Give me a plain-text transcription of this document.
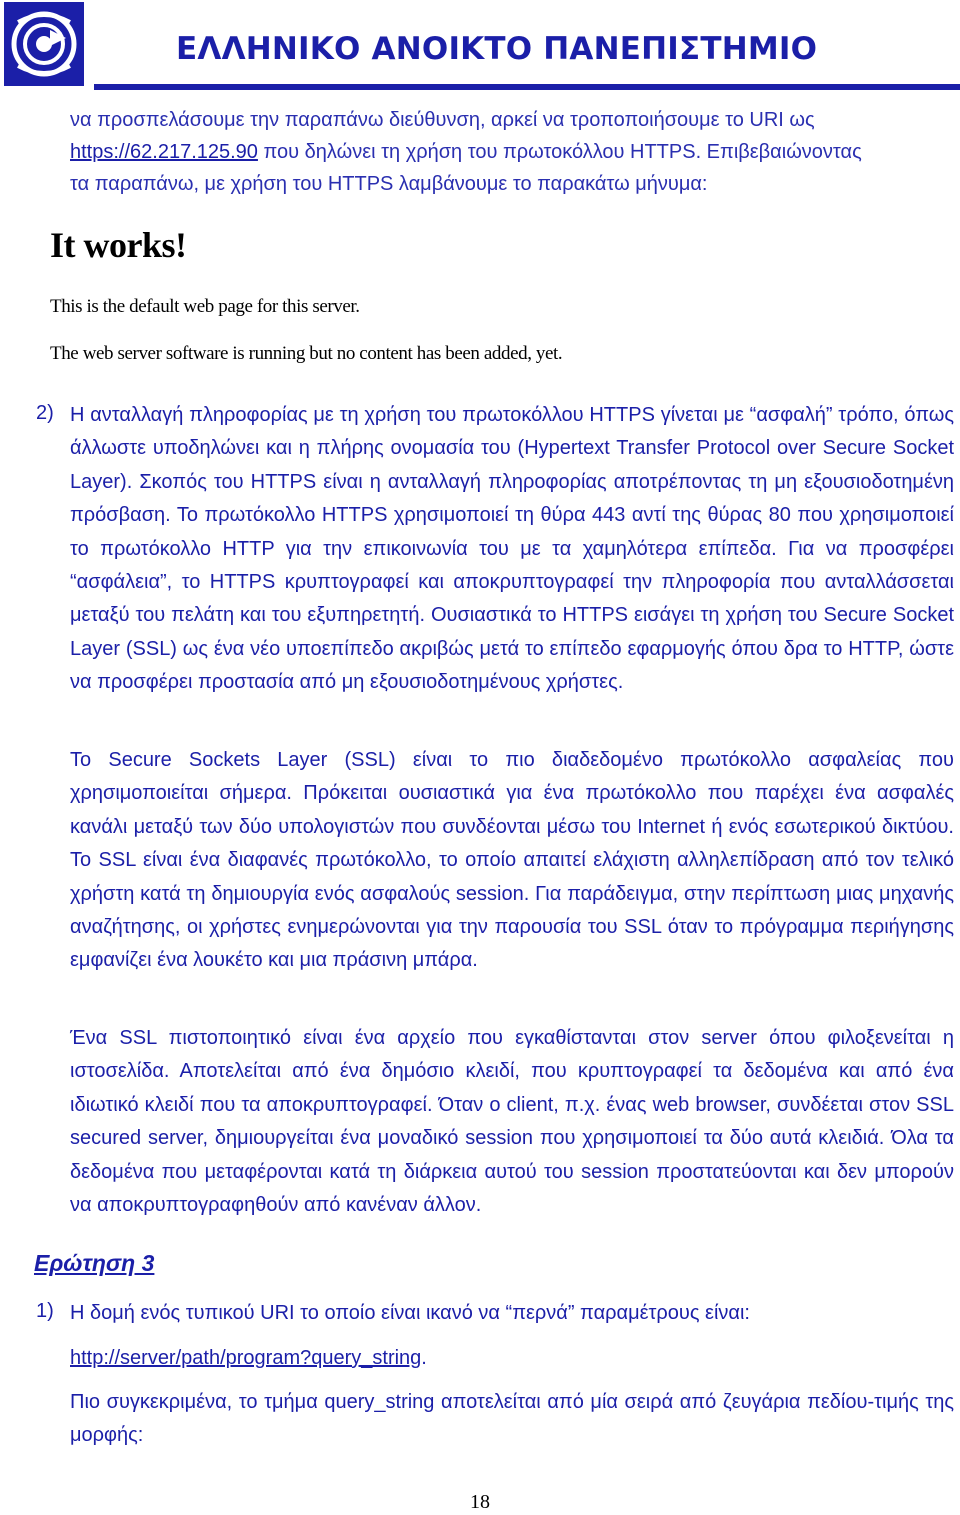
ΕΛΛΗΝΙΚΟ ΑΝΟΙΚΤΟ ΠΑΝΕΠΙΣΤΗΜΙΟ

να προσπελάσουμε την παραπάνω διεύθυνση, αρκεί να τροποποιήσουμε το URI ως
https://62.217.125.90 που δηλώνει τη χρήση του πρωτοκόλλου HTTPS. Επιβεβαιώνοντας
τα παραπάνω, με χρήση του HTTPS λαμβάνουμε το παρακάτω μήνυμα:

It works!
This is the default web page for this server.
The web server software is running but no content has been added, yet.
2) Η ανταλλαγή πληροφορίας με τη χρήση του πρωτοκόλλου HTTPS γίνεται με “ασφαλή” τρόπο, όπως άλλωστε υποδηλώνει και η πλήρης ονομασία του (Hypertext Transfer Protocol over Secure Socket Layer). Σκοπός του HTTPS είναι η ανταλλαγή πληροφορίας αποτρέποντας τη μη εξουσιοδοτημένη πρόσβαση. Το πρωτόκολλο HTTPS χρησιμοποιεί τη θύρα 443 αντί της θύρας 80 που χρησιμοποιεί το πρωτόκολλο HTTP για την επικοινωνία του με τα χαμηλότερα επίπεδα. Για να προσφέρει “ασφάλεια”, το HTTPS κρυπτογραφεί και αποκρυπτογραφεί την πληροφορία που ανταλλάσσεται μεταξύ του πελάτη και του εξυπηρετητή. Ουσιαστικά το HTTPS εισάγει τη χρήση του Secure Socket Layer (SSL) ως ένα νέο υποεπίπεδο ακριβώς μετά το επίπεδο εφαρμογής όπου δρα το HTTP, ώστε να προσφέρει προστασία από μη εξουσιοδοτημένους χρήστες.

Το Secure Sockets Layer (SSL) είναι το πιο διαδεδομένο πρωτόκολλο ασφαλείας που χρησιμοποιείται σήμερα. Πρόκειται ουσιαστικά για ένα πρωτόκολλο που παρέχει ένα ασφαλές κανάλι μεταξύ των δύο υπολογιστών που συνδέονται μέσω του Internet ή ενός εσωτερικού δικτύου. Το SSL είναι ένα διαφανές πρωτόκολλο, το οποίο απαιτεί ελάχιστη αλληλεπίδραση από τον τελικό χρήστη κατά τη δημιουργία ενός ασφαλούς session. Για παράδειγμα, στην περίπτωση μιας μηχανής αναζήτησης, οι χρήστες ενημερώνονται για την παρουσία του SSL όταν το πρόγραμμα περιήγησης εμφανίζει ένα λουκέτο και μια πράσινη μπάρα.

Ένα SSL πιστοποιητικό είναι ένα αρχείο που εγκαθίστανται στον server όπου φιλοξενείται η ιστοσελίδα. Αποτελείται από ένα δημόσιο κλειδί, που κρυπτογραφεί τα δεδομένα και από ένα ιδιωτικό κλειδί που τα αποκρυπτογραφεί. Όταν ο client, π.χ. ένας web browser, συνδέεται στον SSL secured server, δημιουργείται ένα μοναδικό session που χρησιμοποιεί τα δύο αυτά κλειδιά. Όλα τα δεδομένα που μεταφέρονται κατά τη διάρκεια αυτού του session προστατεύονται και δεν μπορούν να αποκρυπτογραφηθούν από κανέναν άλλον.

Ερώτηση 3
1) Η δομή ενός τυπικού URI το οποίο είναι ικανό να “περνά” παραμέτρους είναι:

http://server/path/program?query_string.

Πιο συγκεκριμένα, το τμήμα query_string αποτελείται από μία σειρά από ζευγάρια πεδίου-τιμής της μορφής:

18
